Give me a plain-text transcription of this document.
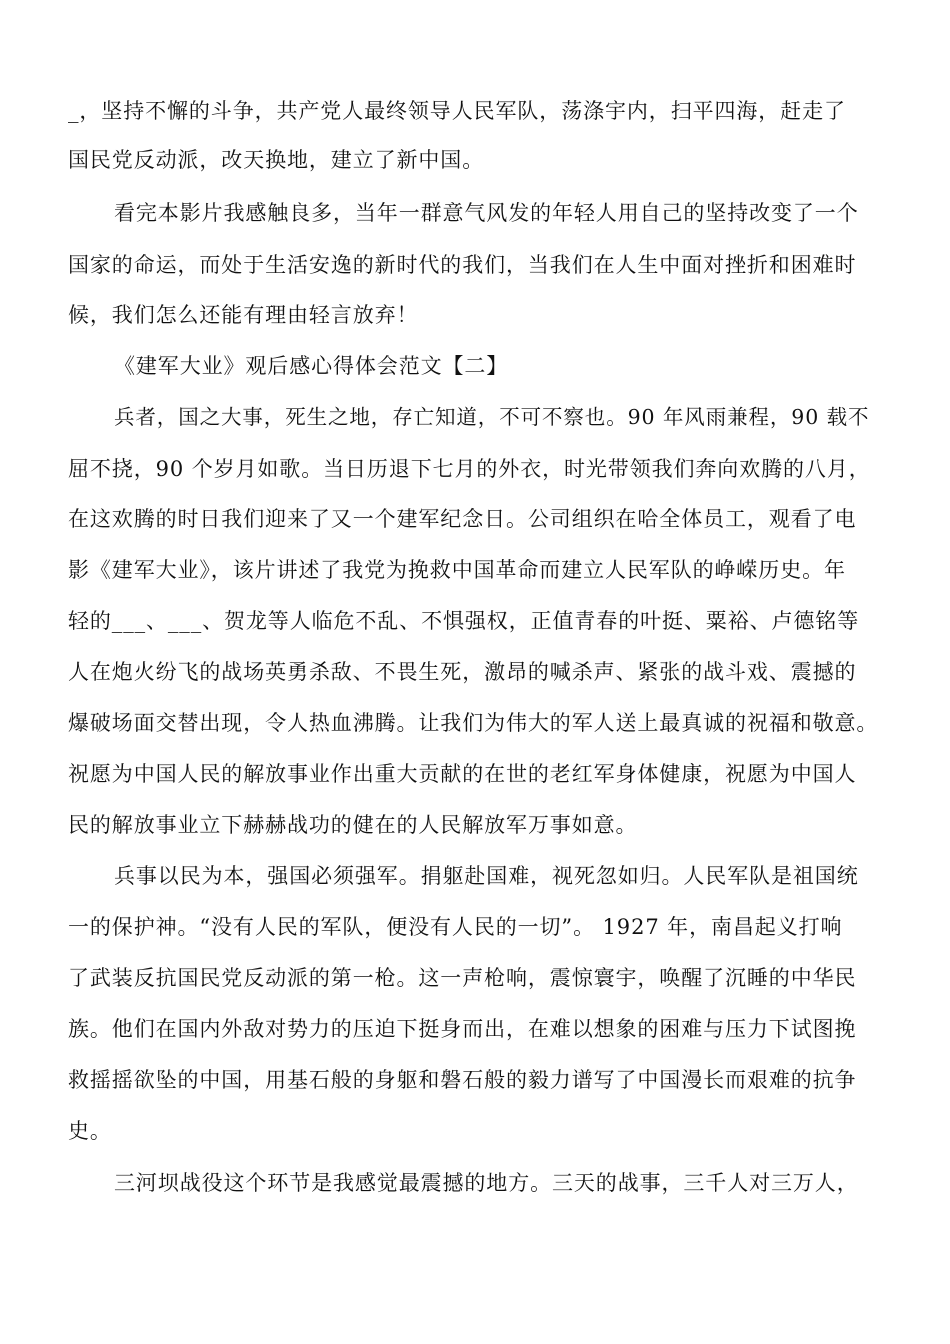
_，坚持不懈的斗争，共产党人最终领导人民军队，荡涤宇内，扫平四海，赶走了
国民党反动派，改天换地，建立了新中国。
看完本影片我感触良多，当年一群意气风发的年轻人用自己的坚持改变了一个
国家的命运，而处于生活安逸的新时代的我们，当我们在人生中面对挫折和困难时
候，我们怎么还能有理由轻言放弃！
《建军大业》观后感心得体会范文【二】
兵者，国之大事，死生之地，存亡知道，不可不察也。90 年风雨兼程，90 载不
屈不挠，90 个岁月如歌。当日历退下七月的外衣，时光带领我们奔向欢腾的八月，
在这欢腾的时日我们迎来了又一个建军纪念日。公司组织在哈全体员工，观看了电
影《建军大业》，该片讲述了我党为挽救中国革命而建立人民军队的峥嵘历史。年
轻的___、___、贺龙等人临危不乱、不惧强权，正值青春的叶挺、粟裕、卢德铭等
人在炮火纷飞的战场英勇杀敌、不畏生死，激昂的喊杀声、紧张的战斗戏、震撼的
爆破场面交替出现，令人热血沸腾。让我们为伟大的军人送上最真诚的祝福和敬意。
祝愿为中国人民的解放事业作出重大贡献的在世的老红军身体健康，祝愿为中国人
民的解放事业立下赫赫战功的健在的人民解放军万事如意。
兵事以民为本，强国必须强军。捐躯赴国难，视死忽如归。人民军队是祖国统
一的保护神。“没有人民的军队，便没有人民的一切”。 1927 年，南昌起义打响
了武装反抗国民党反动派的第一枪。这一声枪响，震惊寰宇，唤醒了沉睡的中华民
族。他们在国内外敌对势力的压迫下挺身而出，在难以想象的困难与压力下试图挽
救摇摇欲坠的中国，用基石般的身躯和磐石般的毅力谱写了中国漫长而艰难的抗争
史。
三河坝战役这个环节是我感觉最震撼的地方。三天的战事，三千人对三万人，
